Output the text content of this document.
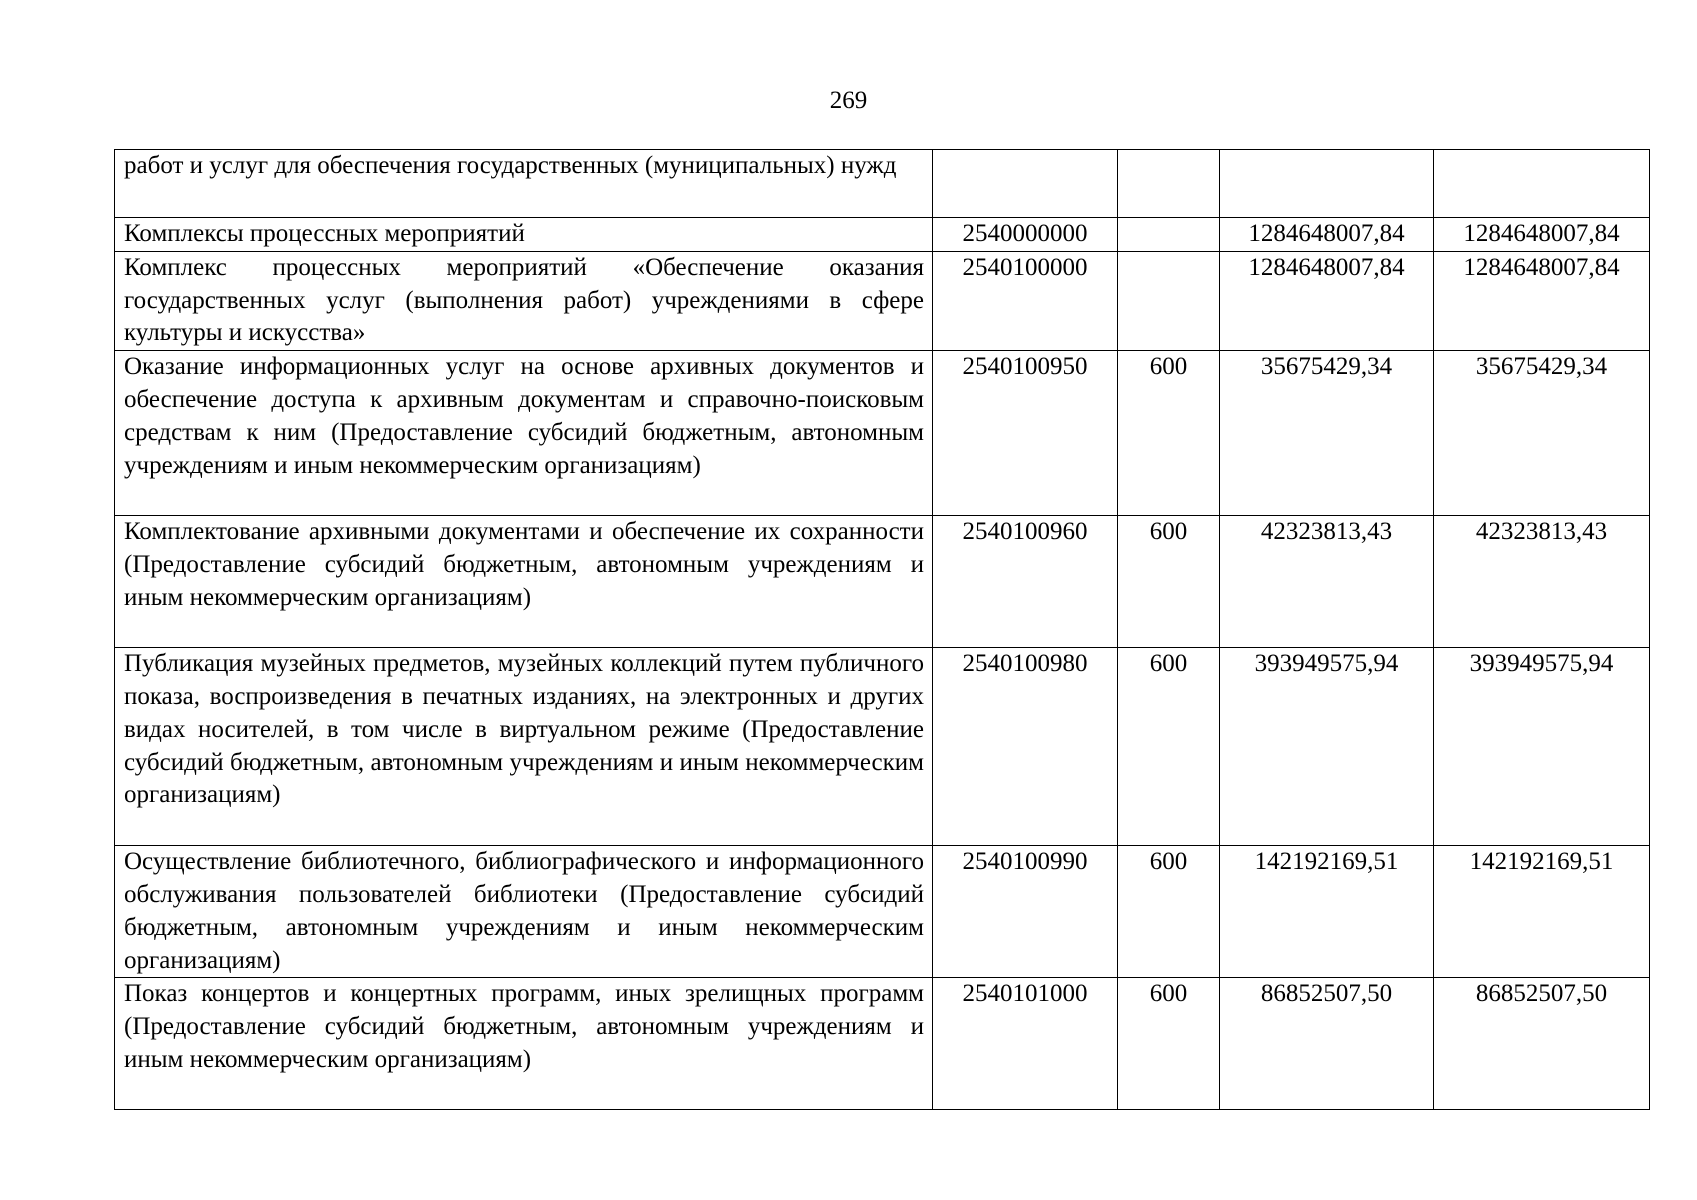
269
работ и услуг для обеспечения государственных (муниципальных) нужд				
Комплексы процессных мероприятий	2540000000		1284648007,84	1284648007,84
Комплекс процессных мероприятий «Обеспечение оказания государственных услуг (выполнения работ) учреждениями в сфере культуры и искусства»	2540100000		1284648007,84	1284648007,84
Оказание информационных услуг на основе архивных документов и обеспечение доступа к архивным документам и справочно-поисковым средствам к ним (Предоставление субсидий бюджетным, автономным учреждениям и иным некоммерческим организациям)	2540100950	600	35675429,34	35675429,34
Комплектование архивными документами и обеспечение их сохранности (Предоставление субсидий бюджетным, автономным учреждениям и иным некоммерческим организациям)	2540100960	600	42323813,43	42323813,43
Публикация музейных предметов, музейных коллекций путем публичного показа, воспроизведения в печатных изданиях, на электронных и других видах носителей, в том числе в виртуальном режиме (Предоставление субсидий бюджетным, автономным учреждениям и иным некоммерческим организациям)	2540100980	600	393949575,94	393949575,94
Осуществление библиотечного, библиографического и информационного обслуживания пользователей библиотеки (Предоставление субсидий бюджетным, автономным учреждениям и иным некоммерческим организациям)	2540100990	600	142192169,51	142192169,51
Показ концертов и концертных программ, иных зрелищных программ (Предоставление субсидий бюджетным, автономным учреждениям и иным некоммерческим организациям)	2540101000	600	86852507,50	86852507,50
